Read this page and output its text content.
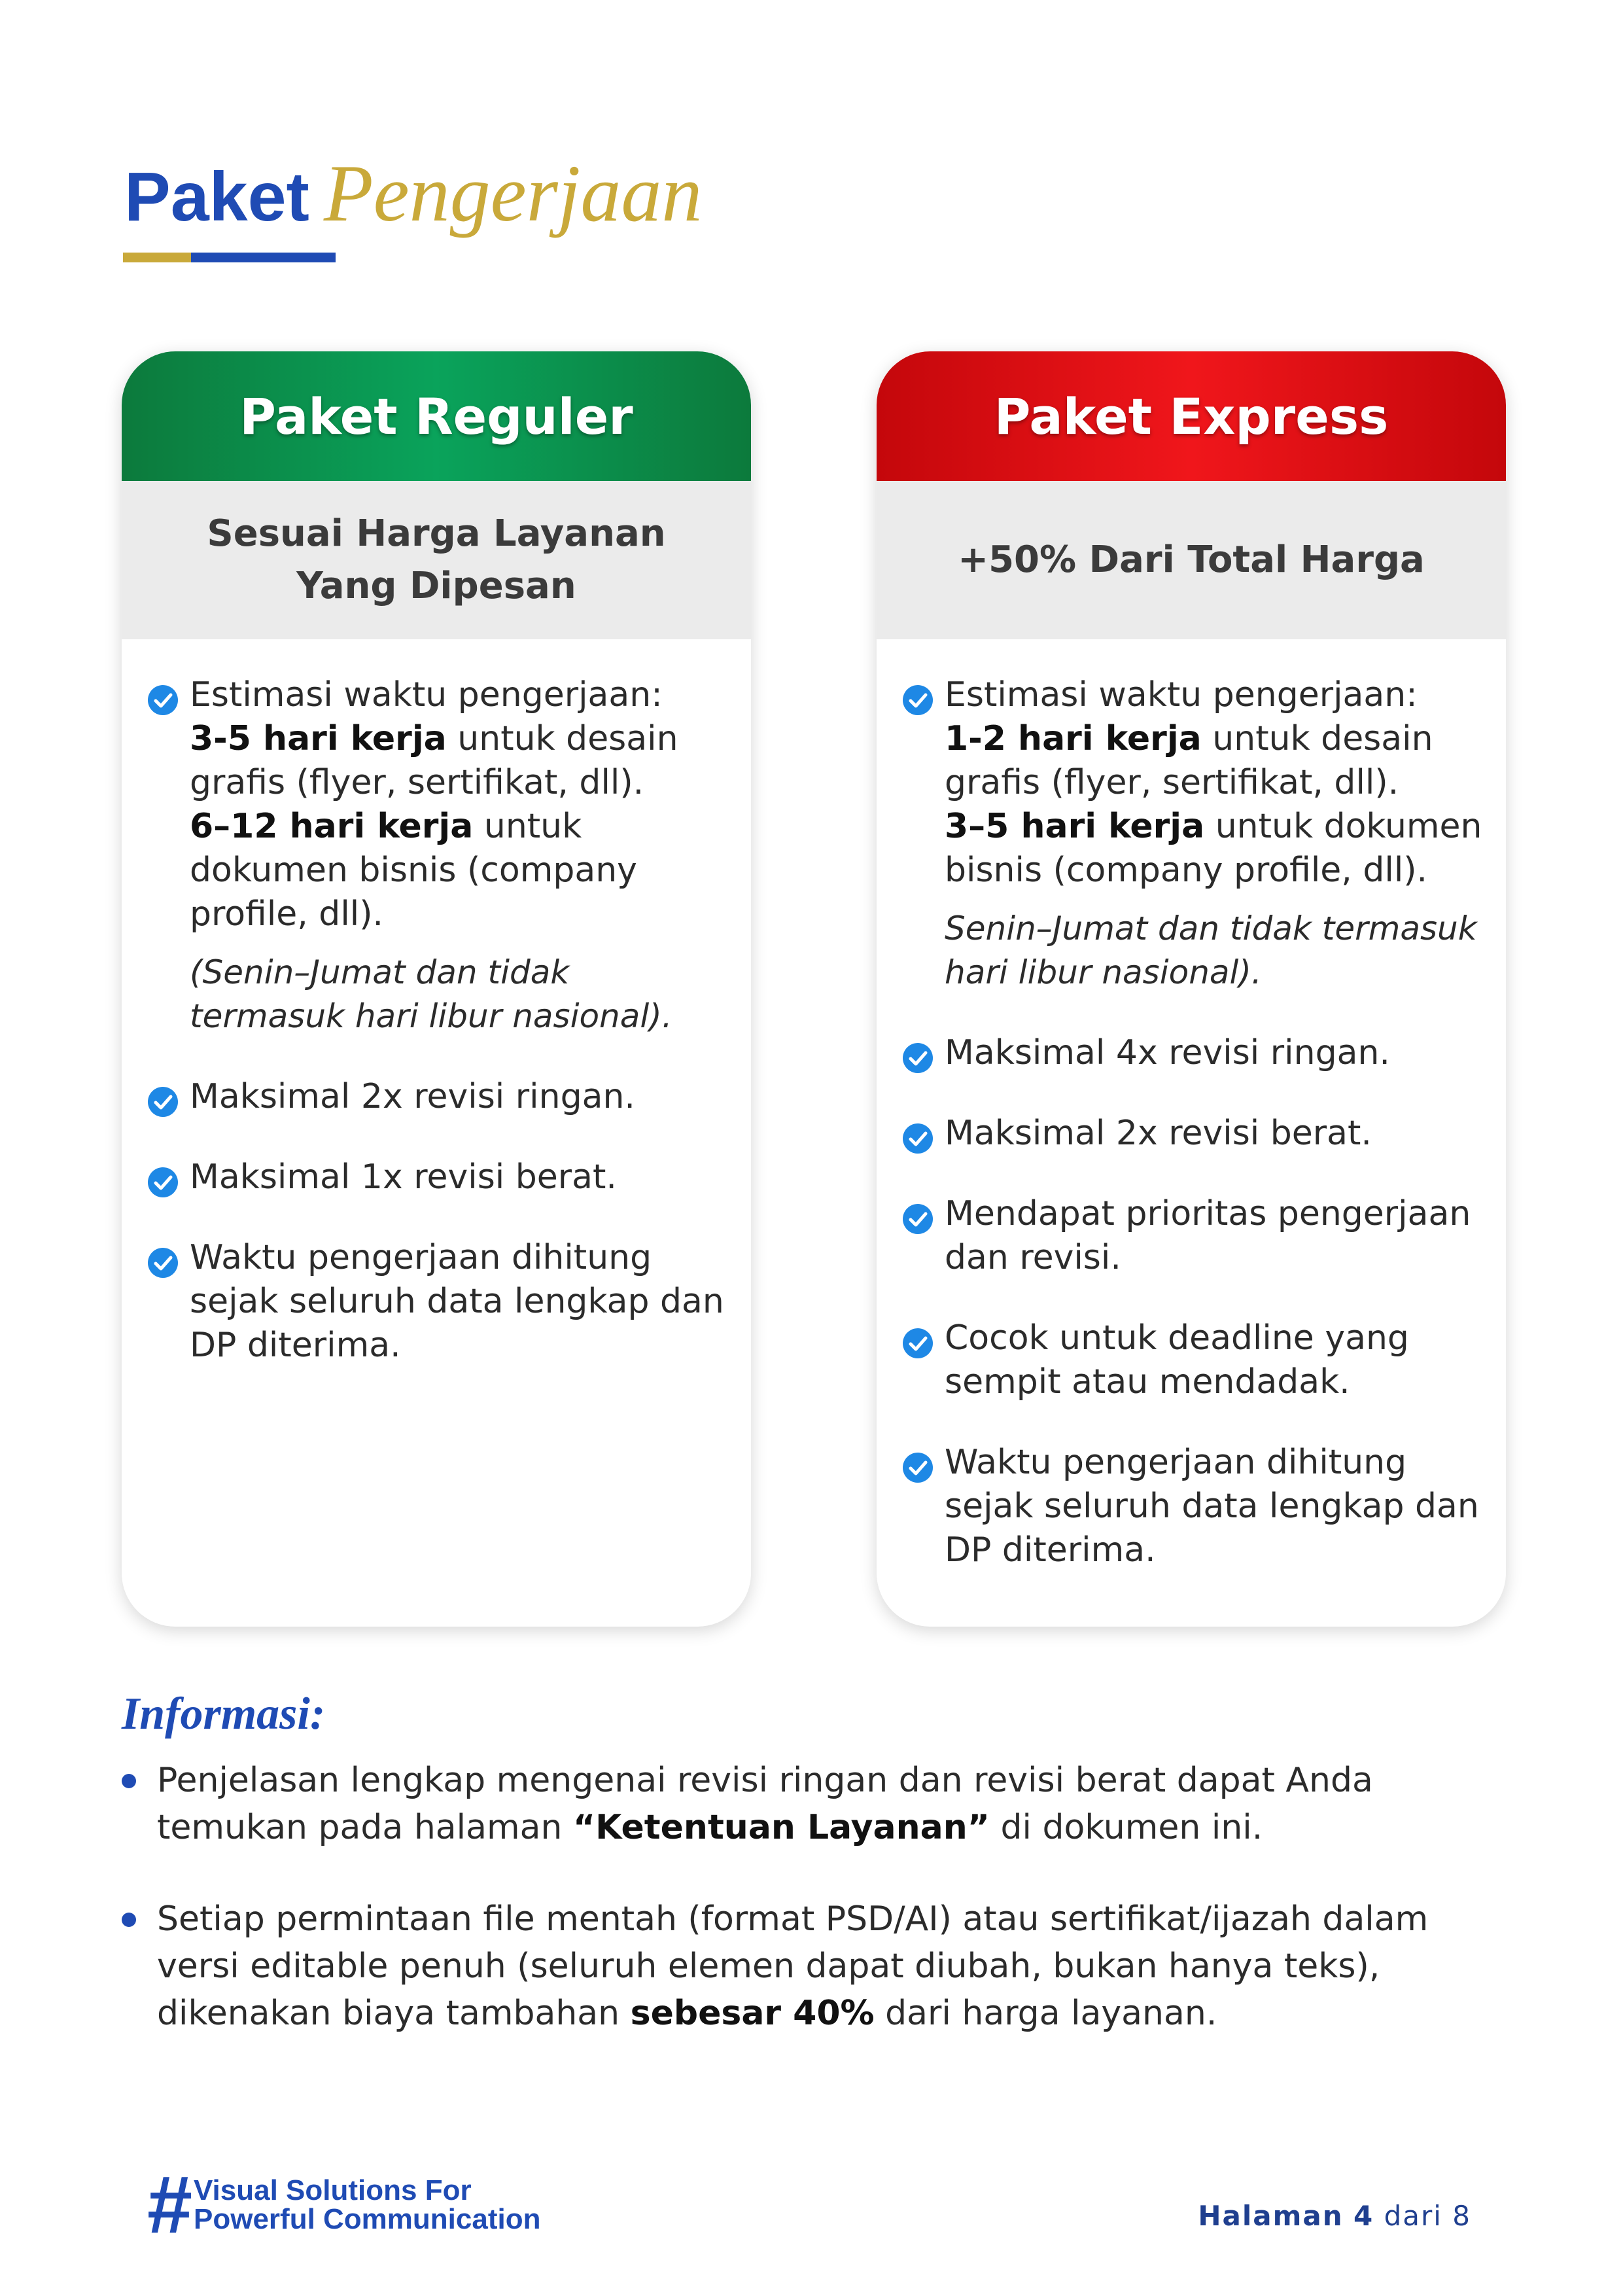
Paket Pengerjaan
Paket Reguler
Sesuai Harga Layanan
Yang Dipesan
Estimasi waktu pengerjaan:
3-5 hari kerja untuk desain grafis (flyer, sertifikat, dll).
6–12 hari kerja untuk dokumen bisnis (company profile, dll).
(Senin–Jumat dan tidak termasuk hari libur nasional).
Maksimal 2x revisi ringan.
Maksimal 1x revisi berat.
Waktu pengerjaan dihitung sejak seluruh data lengkap dan DP diterima.
Paket Express
+50% Dari Total Harga
Estimasi waktu pengerjaan:
1-2 hari kerja untuk desain grafis (flyer, sertifikat, dll).
3–5 hari kerja untuk dokumen bisnis (company profile, dll).
Senin–Jumat dan tidak termasuk hari libur nasional).
Maksimal 4x revisi ringan.
Maksimal 2x revisi berat.
Mendapat prioritas pengerjaan dan revisi.
Cocok untuk deadline yang sempit atau mendadak.
Waktu pengerjaan dihitung sejak seluruh data lengkap dan DP diterima.
Informasi:
Penjelasan lengkap mengenai revisi ringan dan revisi berat dapat Anda temukan pada halaman “Ketentuan Layanan” di dokumen ini.
Setiap permintaan file mentah (format PSD/AI) atau sertifikat/ijazah dalam versi editable penuh (seluruh elemen dapat diubah, bukan hanya teks), dikenakan biaya tambahan sebesar 40% dari harga layanan.
# Visual Solutions For
Powerful Communication	Halaman 4 dari 8
